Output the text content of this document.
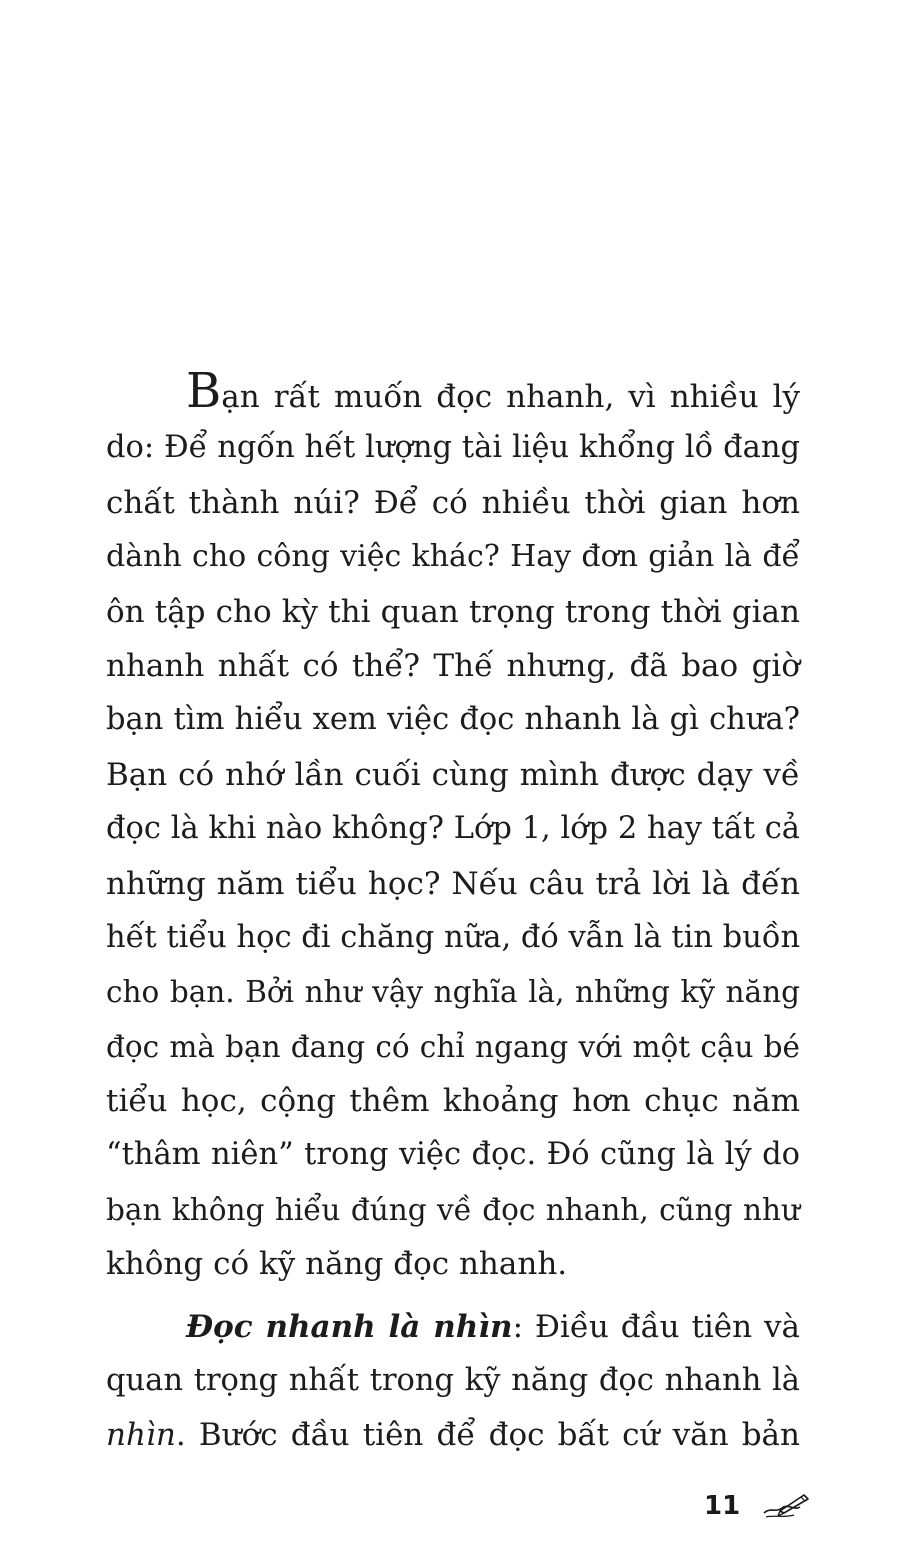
Bạn rất muốn đọc nhanh, vì nhiều lý
do: Để ngốn hết lượng tài liệu khổng lồ đang
chất thành núi? Để có nhiều thời gian hơn
dành cho công việc khác? Hay đơn giản là để
ôn tập cho kỳ thi quan trọng trong thời gian
nhanh nhất có thể? Thế nhưng, đã bao giờ
bạn tìm hiểu xem việc đọc nhanh là gì chưa?
Bạn có nhớ lần cuối cùng mình được dạy về
đọc là khi nào không? Lớp 1, lớp 2 hay tất cả
những năm tiểu học? Nếu câu trả lời là đến
hết tiểu học đi chăng nữa, đó vẫn là tin buồn
cho bạn. Bởi như vậy nghĩa là, những kỹ năng
đọc mà bạn đang có chỉ ngang với một cậu bé
tiểu học, cộng thêm khoảng hơn chục năm
“thâm niên” trong việc đọc. Đó cũng là lý do
bạn không hiểu đúng về đọc nhanh, cũng như
không có kỹ năng đọc nhanh.
Đọc nhanh là nhìn: Điều đầu tiên và
quan trọng nhất trong kỹ năng đọc nhanh là
nhìn. Bước đầu tiên để đọc bất cứ văn bản
11
